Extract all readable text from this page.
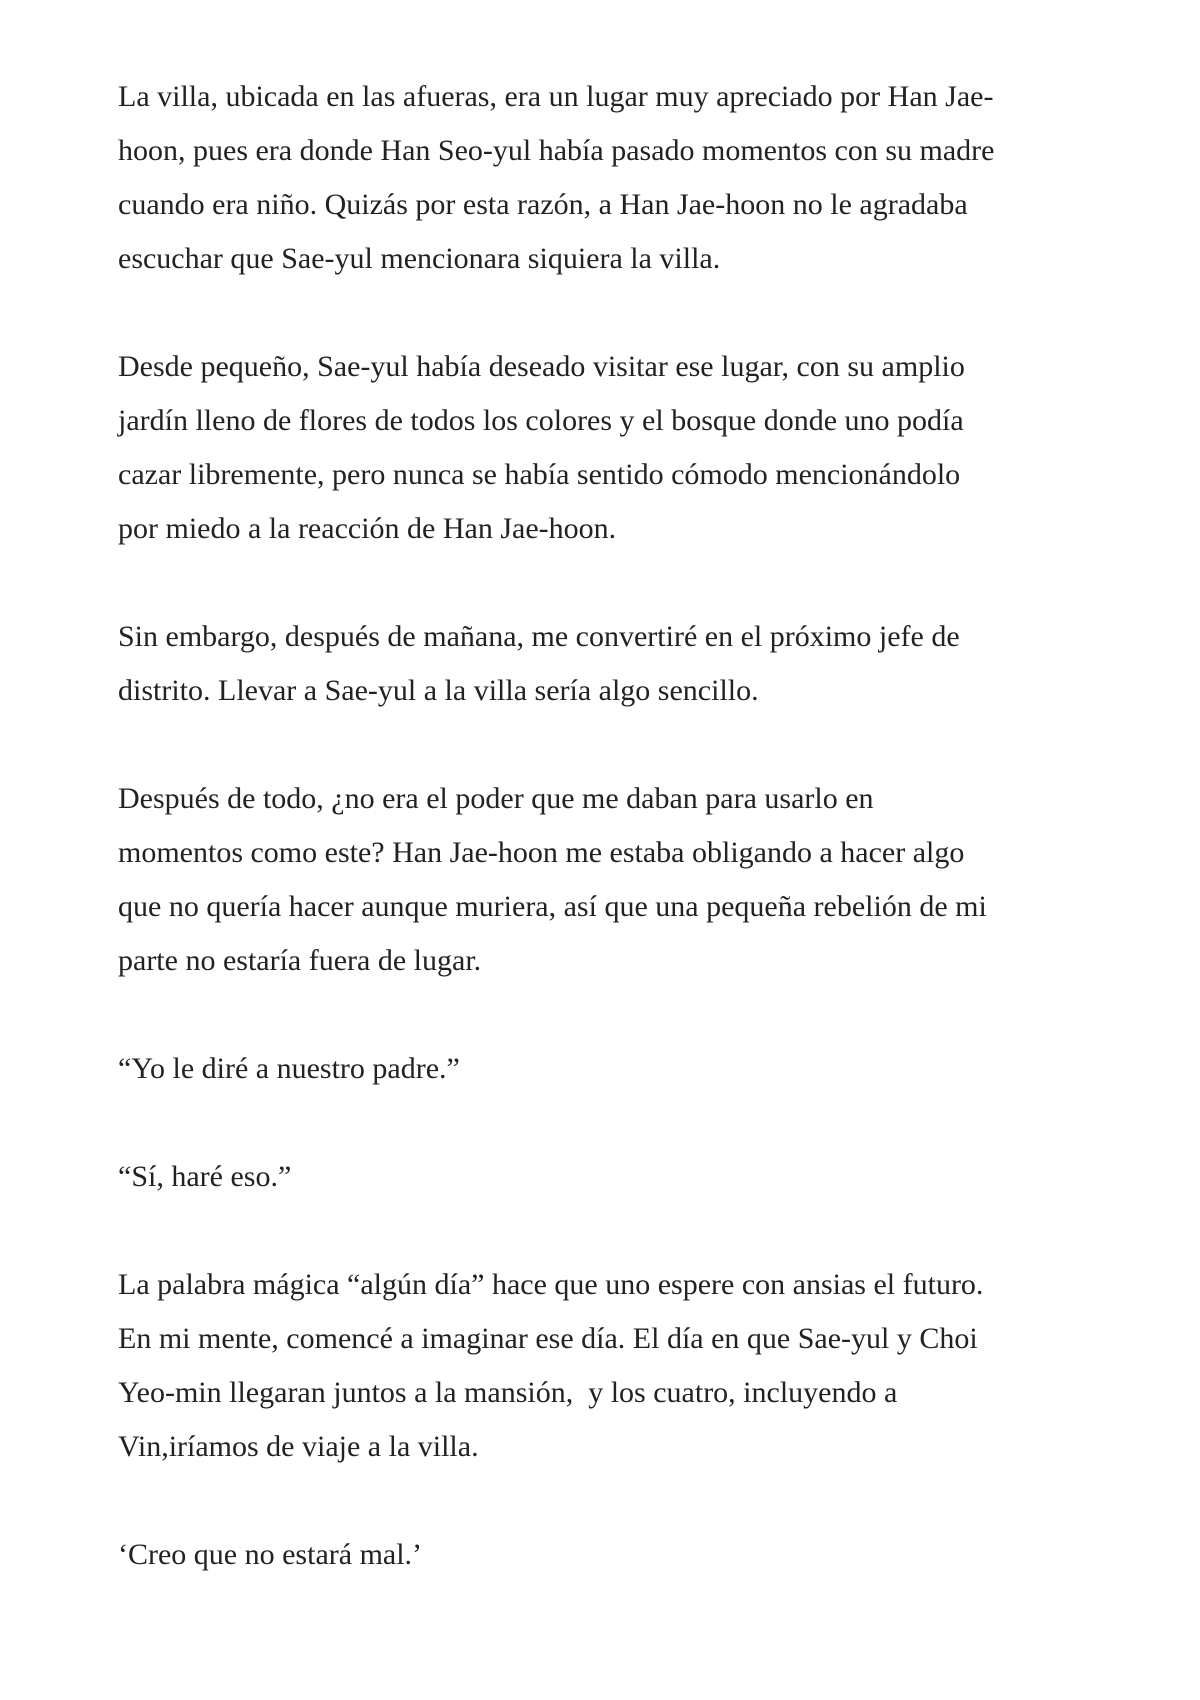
La villa, ubicada en las afueras, era un lugar muy apreciado por Han Jae-hoon, pues era donde Han Seo-yul había pasado momentos con su madre cuando era niño. Quizás por esta razón, a Han Jae-hoon no le agradaba escuchar que Sae-yul mencionara siquiera la villa.

Desde pequeño, Sae-yul había deseado visitar ese lugar, con su amplio jardín lleno de flores de todos los colores y el bosque donde uno podía cazar libremente, pero nunca se había sentido cómodo mencionándolo por miedo a la reacción de Han Jae-hoon.

Sin embargo, después de mañana, me convertiré en el próximo jefe de distrito. Llevar a Sae-yul a la villa sería algo sencillo.

Después de todo, ¿no era el poder que me daban para usarlo en momentos como este? Han Jae-hoon me estaba obligando a hacer algo que no quería hacer aunque muriera, así que una pequeña rebelión de mi parte no estaría fuera de lugar.

“Yo le diré a nuestro padre.”

“Sí, haré eso.”

La palabra mágica “algún día” hace que uno espere con ansias el futuro. En mi mente, comencé a imaginar ese día. El día en que Sae-yul y Choi Yeo-min llegaran juntos a la mansión,  y los cuatro, incluyendo a Vin,iríamos de viaje a la villa.

‘Creo que no estará mal.’
